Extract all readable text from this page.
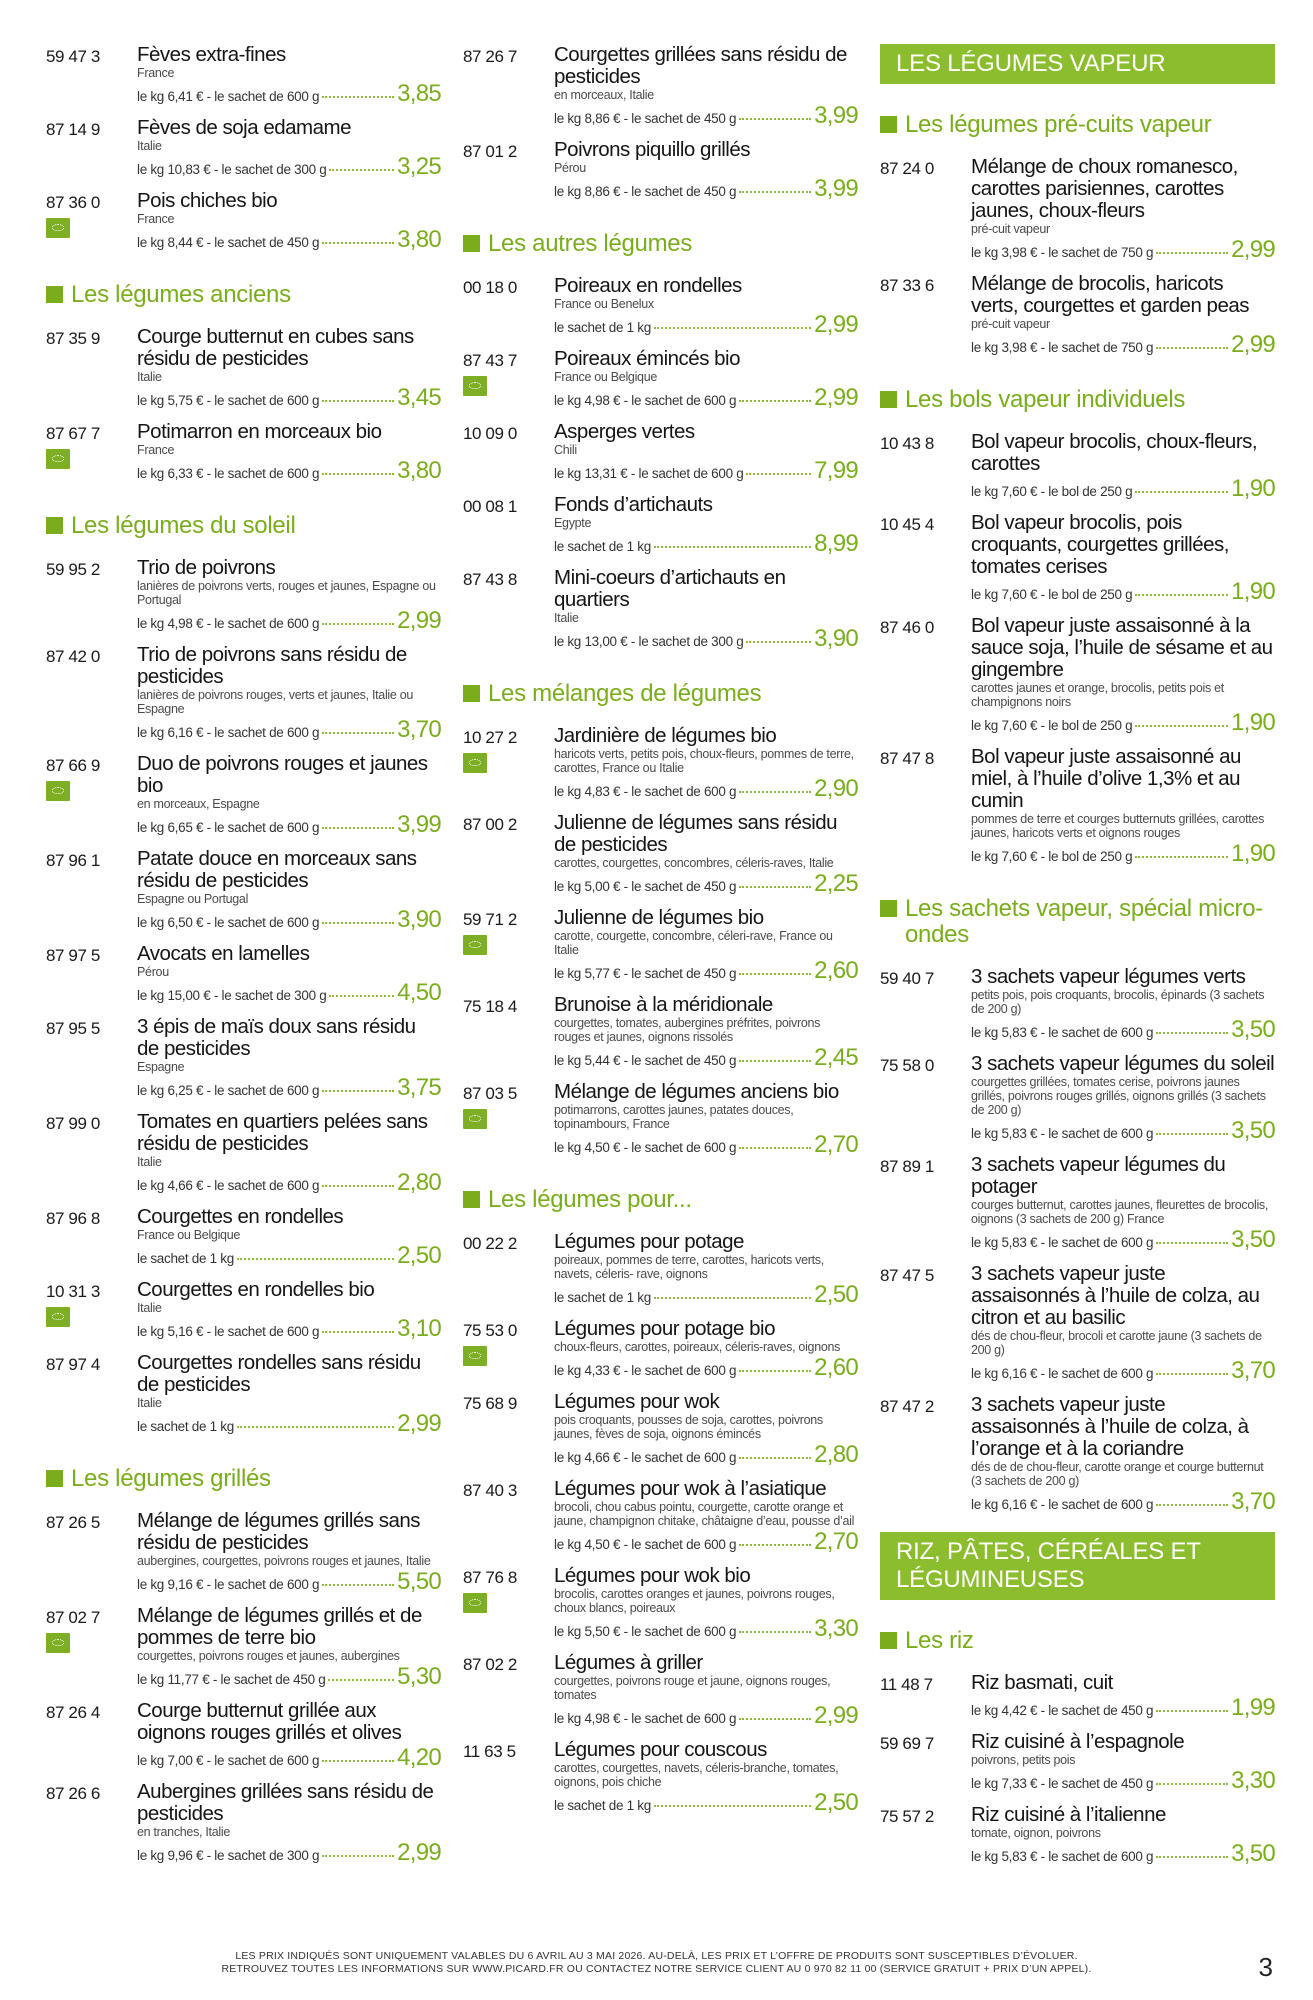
59 47 3	Fèves extra-fines
France
le kg 6,41 € - le sachet de 600 g	3,85
87 14 9	Fèves de soja edamame
Italie
le kg 10,83 € - le sachet de 300 g	3,25
87 36 0	Pois chiches bio
France
le kg 8,44 € - le sachet de 450 g	3,80
Les légumes anciens
87 35 9	Courge butternut en cubes sans résidu de pesticides
Italie
le kg 5,75 € - le sachet de 600 g	3,45
87 67 7	Potimarron en morceaux bio
France
le kg 6,33 € - le sachet de 600 g	3,80
Les légumes du soleil
59 95 2	Trio de poivrons
lanières de poivrons verts, rouges et jaunes, Espagne ou Portugal
le kg 4,98 € - le sachet de 600 g	2,99
87 42 0	Trio de poivrons sans résidu de pesticides
lanières de poivrons rouges, verts et jaunes, Italie ou Espagne
le kg 6,16 € - le sachet de 600 g	3,70
87 66 9	Duo de poivrons rouges et jaunes bio
en morceaux, Espagne
le kg 6,65 € - le sachet de 600 g	3,99
87 96 1	Patate douce en morceaux sans résidu de pesticides
Espagne ou Portugal
le kg 6,50 € - le sachet de 600 g	3,90
87 97 5	Avocats en lamelles
Pérou
le kg 15,00 € - le sachet de 300 g	4,50
87 95 5	3 épis de maïs doux sans résidu de pesticides
Espagne
le kg 6,25 € - le sachet de 600 g	3,75
87 99 0	Tomates en quartiers pelées sans résidu de pesticides
Italie
le kg 4,66 € - le sachet de 600 g	2,80
87 96 8	Courgettes en rondelles
France ou Belgique
le sachet de 1 kg	2,50
10 31 3	Courgettes en rondelles bio
Italie
le kg 5,16 € - le sachet de 600 g	3,10
87 97 4	Courgettes rondelles sans résidu de pesticides
Italie
le sachet de 1 kg	2,99
Les légumes grillés
87 26 5	Mélange de légumes grillés sans résidu de pesticides
aubergines, courgettes, poivrons rouges et jaunes, Italie
le kg 9,16 € - le sachet de 600 g	5,50
87 02 7	Mélange de légumes grillés et de pommes de terre bio
courgettes, poivrons rouges et jaunes, aubergines
le kg 11,77 € - le sachet de 450 g	5,30
87 26 4	Courge butternut grillée aux oignons rouges grillés et olives
le kg 7,00 € - le sachet de 600 g	4,20
87 26 6	Aubergines grillées sans résidu de pesticides
en tranches, Italie
le kg 9,96 € - le sachet de 300 g	2,99
87 26 7	Courgettes grillées sans résidu de pesticides
en morceaux, Italie
le kg 8,86 € - le sachet de 450 g	3,99
87 01 2	Poivrons piquillo grillés
Pérou
le kg 8,86 € - le sachet de 450 g	3,99
Les autres légumes
00 18 0	Poireaux en rondelles
France ou Benelux
le sachet de 1 kg	2,99
87 43 7	Poireaux émincés bio
France ou Belgique
le kg 4,98 € - le sachet de 600 g	2,99
10 09 0	Asperges vertes
Chili
le kg 13,31 € - le sachet de 600 g	7,99
00 08 1	Fonds d’artichauts
Egypte
le sachet de 1 kg	8,99
87 43 8	Mini-coeurs d’artichauts en quartiers
Italie
le kg 13,00 € - le sachet de 300 g	3,90
Les mélanges de légumes
10 27 2	Jardinière de légumes bio
haricots verts, petits pois, choux-fleurs, pommes de terre, carottes, France ou Italie
le kg 4,83 € - le sachet de 600 g	2,90
87 00 2	Julienne de légumes sans résidu de pesticides
carottes, courgettes, concombres, céleris-raves, Italie
le kg 5,00 € - le sachet de 450 g	2,25
59 71 2	Julienne de légumes bio
carotte, courgette, concombre, céleri-rave, France ou Italie
le kg 5,77 € - le sachet de 450 g	2,60
75 18 4	Brunoise à la méridionale
courgettes, tomates, aubergines préfrites, poivrons rouges et jaunes, oignons rissolés
le kg 5,44 € - le sachet de 450 g	2,45
87 03 5	Mélange de légumes anciens bio
potimarrons, carottes jaunes, patates douces, topinambours, France
le kg 4,50 € - le sachet de 600 g	2,70
Les légumes pour...
00 22 2	Légumes pour potage
poireaux, pommes de terre, carottes, haricots verts, navets, céleris- rave, oignons
le sachet de 1 kg	2,50
75 53 0	Légumes pour potage bio
choux-fleurs, carottes, poireaux, céleris-raves, oignons
le kg 4,33 € - le sachet de 600 g	2,60
75 68 9	Légumes pour wok
pois croquants, pousses de soja, carottes, poivrons jaunes, fèves de soja, oignons émincés
le kg 4,66 € - le sachet de 600 g	2,80
87 40 3	Légumes pour wok à l’asiatique
brocoli, chou cabus pointu, courgette, carotte orange et jaune, champignon chitake, châtaigne d’eau, pousse d’ail
le kg 4,50 € - le sachet de 600 g	2,70
87 76 8	Légumes pour wok bio
brocolis, carottes oranges et jaunes, poivrons rouges, choux blancs, poireaux
le kg 5,50 € - le sachet de 600 g	3,30
87 02 2	Légumes à griller
courgettes, poivrons rouge et jaune, oignons rouges, tomates
le kg 4,98 € - le sachet de 600 g	2,99
11 63 5	Légumes pour couscous
carottes, courgettes, navets, céleris-branche, tomates, oignons, pois chiche
le sachet de 1 kg	2,50
LES LÉGUMES VAPEUR
Les légumes pré-cuits vapeur
87 24 0	Mélange de choux romanesco, carottes parisiennes, carottes jaunes, choux-fleurs
pré-cuit vapeur
le kg 3,98 € - le sachet de 750 g	2,99
87 33 6	Mélange de brocolis, haricots verts, courgettes et garden peas
pré-cuit vapeur
le kg 3,98 € - le sachet de 750 g	2,99
Les bols vapeur individuels
10 43 8	Bol vapeur brocolis, choux-fleurs, carottes
le kg 7,60 € - le bol de 250 g	1,90
10 45 4	Bol vapeur brocolis, pois croquants, courgettes grillées, tomates cerises
le kg 7,60 € - le bol de 250 g	1,90
87 46 0	Bol vapeur juste assaisonné à la sauce soja, l’huile de sésame et au gingembre
carottes jaunes et orange, brocolis, petits pois et champignons noirs
le kg 7,60 € - le bol de 250 g	1,90
87 47 8	Bol vapeur juste assaisonné au miel, à l’huile d’olive 1,3% et au cumin
pommes de terre et courges butternuts grillées, carottes jaunes, haricots verts et oignons rouges
le kg 7,60 € - le bol de 250 g	1,90
Les sachets vapeur, spécial micro-ondes
59 40 7	3 sachets vapeur légumes verts
petits pois, pois croquants, brocolis, épinards (3 sachets de 200 g)
le kg 5,83 € - le sachet de 600 g	3,50
75 58 0	3 sachets vapeur légumes du soleil
courgettes grillées, tomates cerise, poivrons jaunes grillés, poivrons rouges grillés, oignons grillés (3 sachets de 200 g)
le kg 5,83 € - le sachet de 600 g	3,50
87 89 1	3 sachets vapeur légumes du potager
courges butternut, carottes jaunes, fleurettes de brocolis, oignons (3 sachets de 200 g) France
le kg 5,83 € - le sachet de 600 g	3,50
87 47 5	3 sachets vapeur juste assaisonnés à l’huile de colza, au citron et au basilic
dés de chou-fleur, brocoli et carotte jaune (3 sachets de 200 g)
le kg 6,16 € - le sachet de 600 g	3,70
87 47 2	3 sachets vapeur juste assaisonnés à l’huile de colza, à l’orange et à la coriandre
dés de de chou-fleur, carotte orange et courge butternut (3 sachets de 200 g)
le kg 6,16 € - le sachet de 600 g	3,70
RIZ, PÂTES, CÉRÉALES ET LÉGUMINEUSES
Les riz
11 48 7	Riz basmati, cuit
le kg 4,42 € - le sachet de 450 g	1,99
59 69 7	Riz cuisiné à l’espagnole
poivrons, petits pois
le kg 7,33 € - le sachet de 450 g	3,30
75 57 2	Riz cuisiné à l’italienne
tomate, oignon, poivrons
le kg 5,83 € - le sachet de 600 g	3,50
LES PRIX INDIQUÉS SONT UNIQUEMENT VALABLES DU 6 AVRIL AU 3 MAI 2026. AU-DELÀ, LES PRIX ET L’OFFRE DE PRODUITS SONT SUSCEPTIBLES D’ÉVOLUER.
RETROUVEZ TOUTES LES INFORMATIONS SUR WWW.PICARD.FR OU CONTACTEZ NOTRE SERVICE CLIENT AU 0 970 82 11 00 (SERVICE GRATUIT + PRIX D’UN APPEL).	3
